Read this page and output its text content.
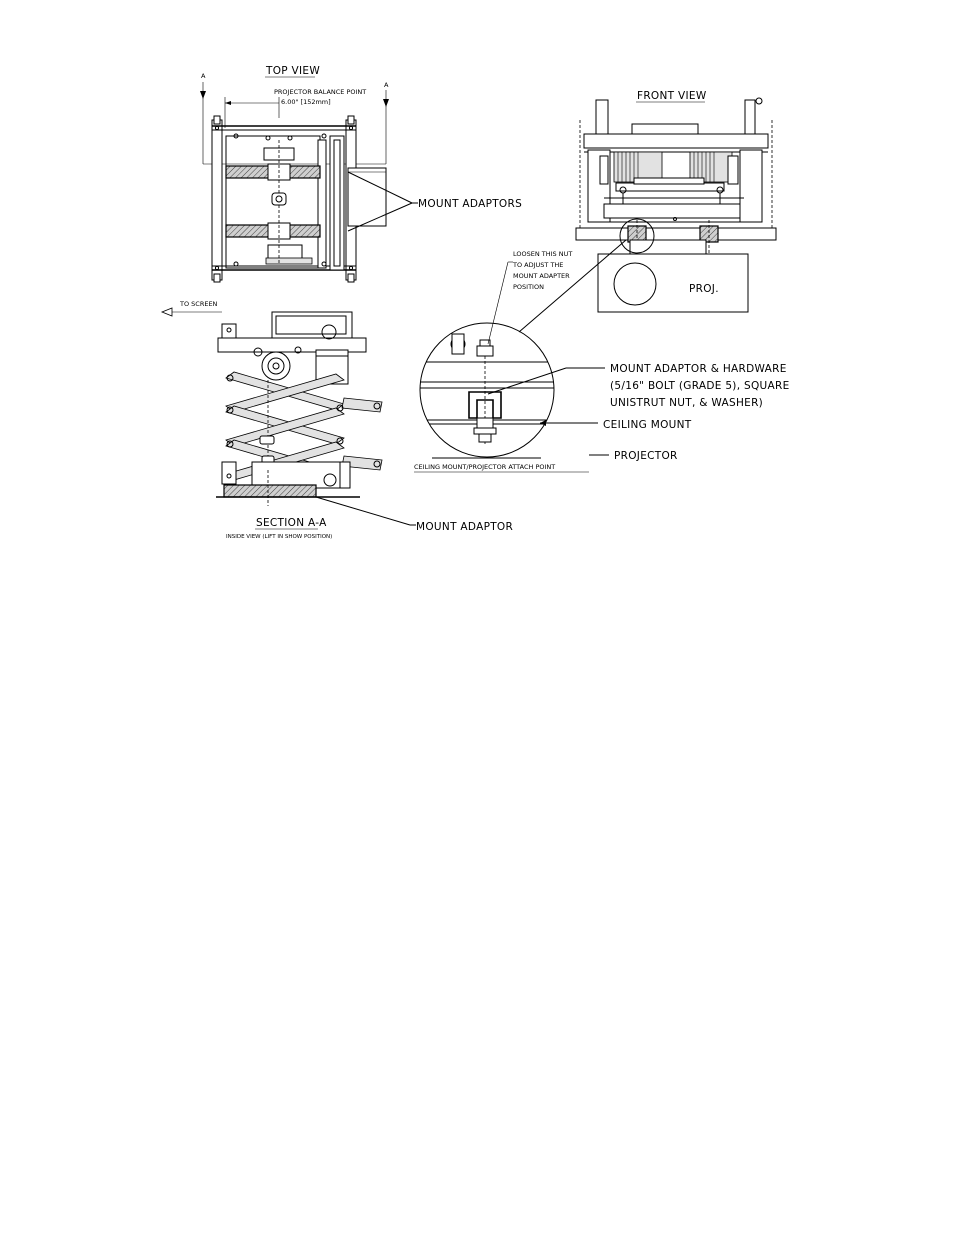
TOP VIEW
PROJECTOR BALANCE POINT
6.00" [152mm]
A
A
FRONT VIEW
PROJ.
TO SCREEN
SECTION A-A
INSIDE VIEW (LIFT IN SHOW POSITION)
CEILING MOUNT/PROJECTOR ATTACH POINT
MOUNT ADAPTORS
LOOSEN THIS NUT
TO ADJUST THE
MOUNT ADAPTER
POSITION
MOUNT ADAPTOR & HARDWARE
(5/16" BOLT (GRADE 5), SQUARE
UNISTRUT NUT, & WASHER)
CEILING MOUNT
PROJECTOR
MOUNT ADAPTOR
